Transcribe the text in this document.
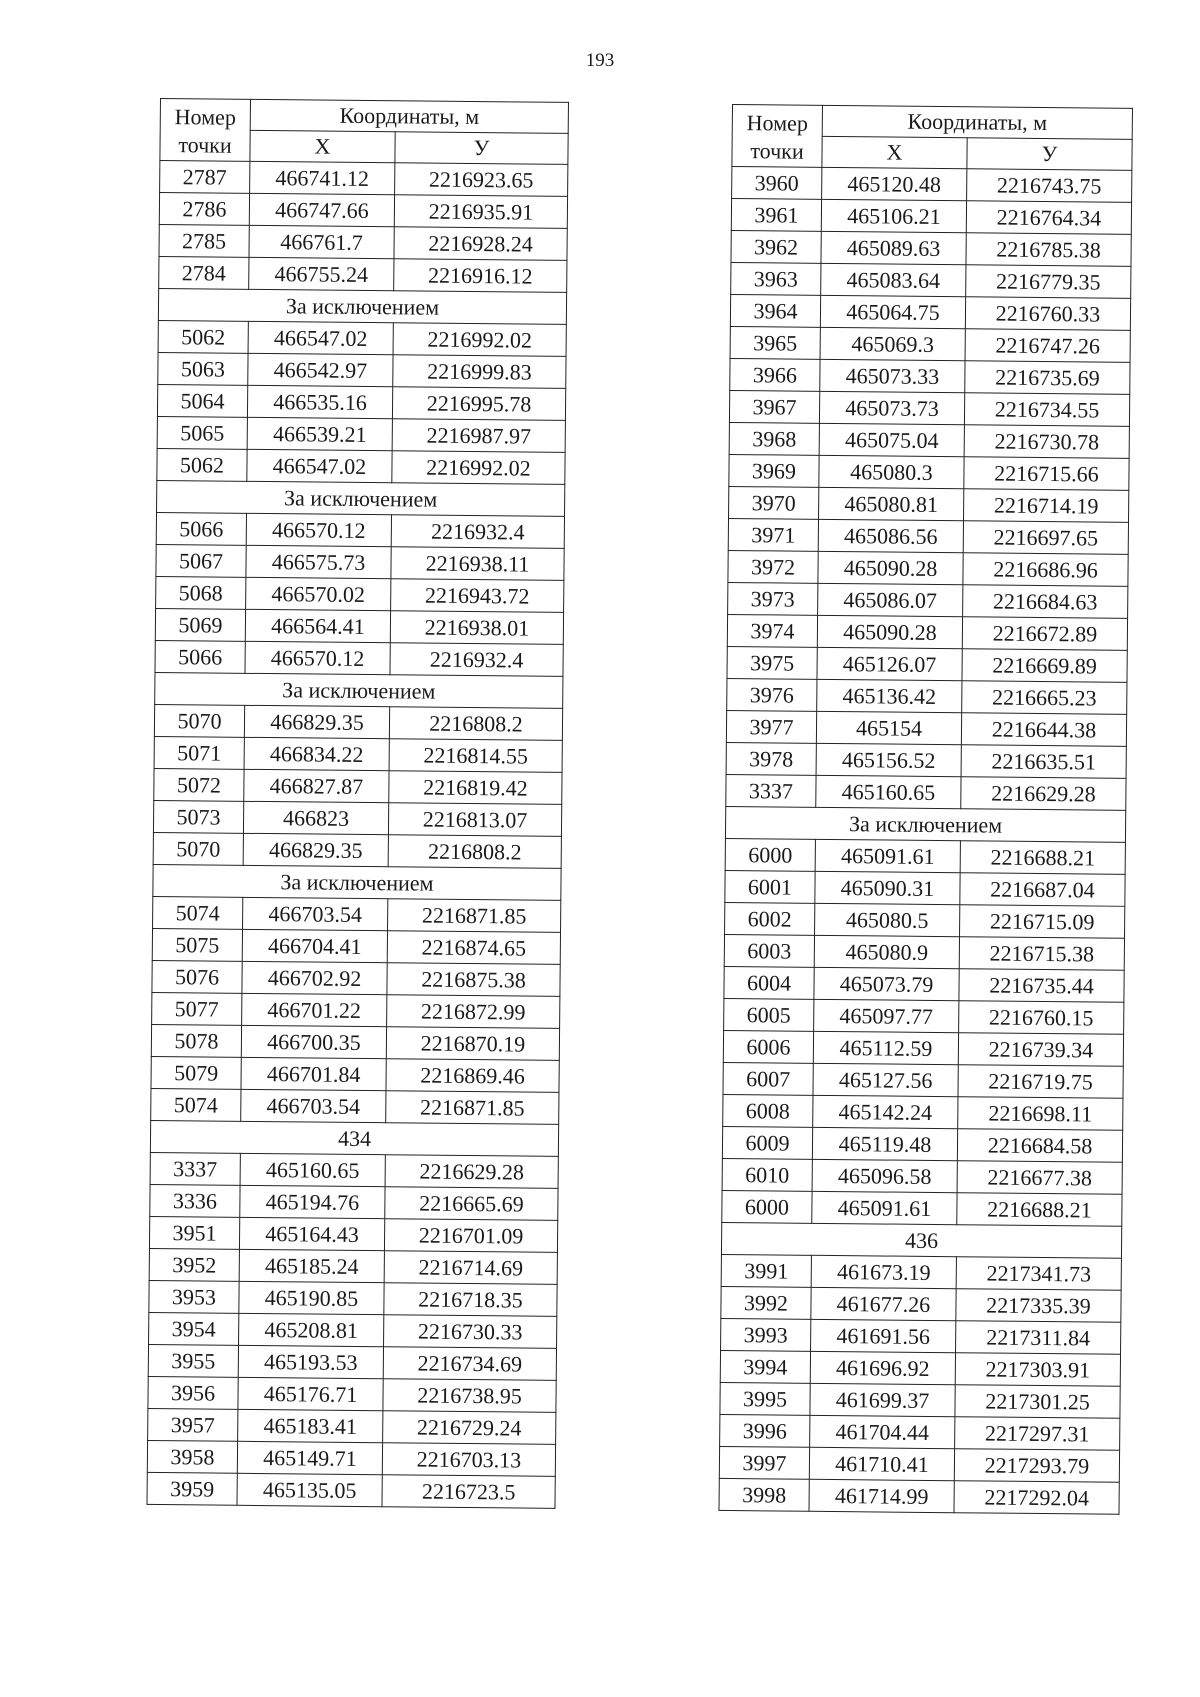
193
Номер
точки	Координаты, м	
	Х	У
2787	466741.12	2216923.65
2786	466747.66	2216935.91
2785	466761.7	2216928.24
2784	466755.24	2216916.12
За исключением		
5062	466547.02	2216992.02
5063	466542.97	2216999.83
5064	466535.16	2216995.78
5065	466539.21	2216987.97
5062	466547.02	2216992.02
За исключением		
5066	466570.12	2216932.4
5067	466575.73	2216938.11
5068	466570.02	2216943.72
5069	466564.41	2216938.01
5066	466570.12	2216932.4
За исключением		
5070	466829.35	2216808.2
5071	466834.22	2216814.55
5072	466827.87	2216819.42
5073	466823	2216813.07
5070	466829.35	2216808.2
За исключением		
5074	466703.54	2216871.85
5075	466704.41	2216874.65
5076	466702.92	2216875.38
5077	466701.22	2216872.99
5078	466700.35	2216870.19
5079	466701.84	2216869.46
5074	466703.54	2216871.85
434		
3337	465160.65	2216629.28
3336	465194.76	2216665.69
3951	465164.43	2216701.09
3952	465185.24	2216714.69
3953	465190.85	2216718.35
3954	465208.81	2216730.33
3955	465193.53	2216734.69
3956	465176.71	2216738.95
3957	465183.41	2216729.24
3958	465149.71	2216703.13
3959	465135.05	2216723.5
Номер
точки	Координаты, м	
	Х	У
3960	465120.48	2216743.75
3961	465106.21	2216764.34
3962	465089.63	2216785.38
3963	465083.64	2216779.35
3964	465064.75	2216760.33
3965	465069.3	2216747.26
3966	465073.33	2216735.69
3967	465073.73	2216734.55
3968	465075.04	2216730.78
3969	465080.3	2216715.66
3970	465080.81	2216714.19
3971	465086.56	2216697.65
3972	465090.28	2216686.96
3973	465086.07	2216684.63
3974	465090.28	2216672.89
3975	465126.07	2216669.89
3976	465136.42	2216665.23
3977	465154	2216644.38
3978	465156.52	2216635.51
3337	465160.65	2216629.28
За исключением		
6000	465091.61	2216688.21
6001	465090.31	2216687.04
6002	465080.5	2216715.09
6003	465080.9	2216715.38
6004	465073.79	2216735.44
6005	465097.77	2216760.15
6006	465112.59	2216739.34
6007	465127.56	2216719.75
6008	465142.24	2216698.11
6009	465119.48	2216684.58
6010	465096.58	2216677.38
6000	465091.61	2216688.21
436		
3991	461673.19	2217341.73
3992	461677.26	2217335.39
3993	461691.56	2217311.84
3994	461696.92	2217303.91
3995	461699.37	2217301.25
3996	461704.44	2217297.31
3997	461710.41	2217293.79
3998	461714.99	2217292.04
